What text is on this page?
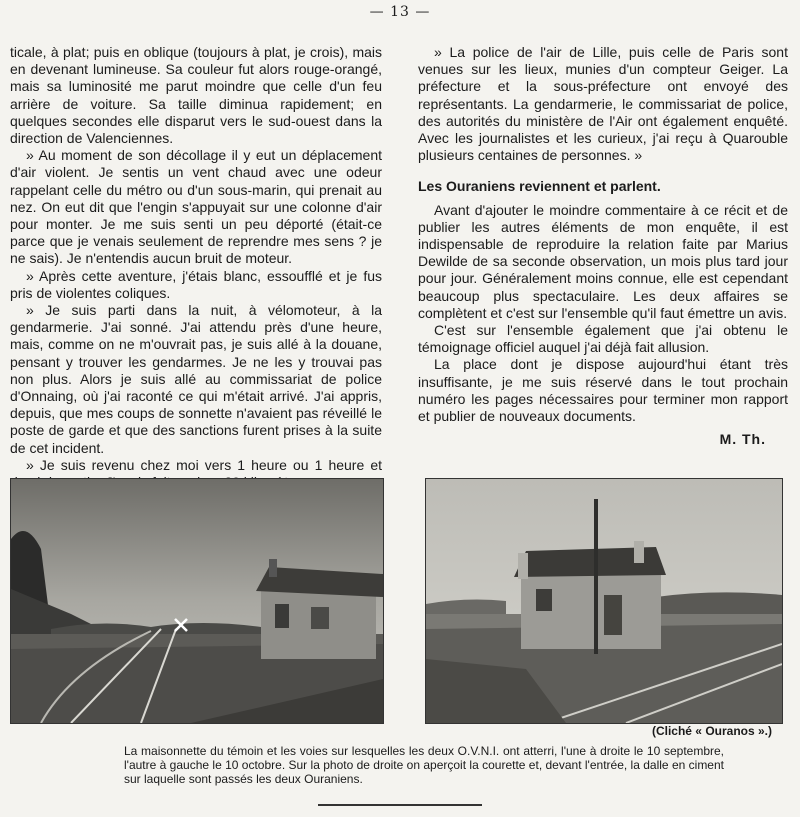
— 13 —

ticale, à plat; puis en oblique (toujours à plat, je crois), mais en devenant lumineuse. Sa couleur fut alors rouge-orangé, mais sa luminosité me parut moindre que celle d'un feu arrière de voiture. Sa taille diminua rapidement; en quelques secondes elle disparut vers le sud-ouest dans la direction de Valenciennes.

» Au moment de son décollage il y eut un déplacement d'air violent. Je sentis un vent chaud avec une odeur rappelant celle du métro ou d'un sous-marin, qui prenait au nez. On eut dit que l'engin s'appuyait sur une colonne d'air pour monter. Je me suis senti un peu déporté (était-ce parce que je venais seulement de reprendre mes sens ? je ne sais). Je n'entendis aucun bruit de moteur.

» Après cette aventure, j'étais blanc, essoufflé et je fus pris de violentes coliques.

» Je suis parti dans la nuit, à vélomoteur, à la gendarmerie. J'ai sonné. J'ai attendu près d'une heure, mais, comme on ne m'ouvrait pas, je suis allé à la douane, pensant y trouver les gendarmes. Je ne les y trouvai pas non plus. Alors je suis allé au commissariat de police d'Onnaing, où j'ai raconté ce qui m'était arrivé. J'ai appris, depuis, que mes coups de sonnette n'avaient pas réveillé le poste de garde et que des sanctions furent prises à la suite de cet incident.

» Je suis revenu chez moi vers 1 heure ou 1 heure et

» La police de l'air de Lille, puis celle de Paris sont venues sur les lieux, munies d'un compteur Geiger. La préfecture et la sous-préfecture ont envoyé des représentants. La gendarmerie, le commissariat de police, des autorités du ministère de l'Air ont également enquêté. Avec les journalistes et les curieux, j'ai reçu à Quarouble plusieurs centaines de personnes. »

Les Ouraniens reviennent et parlent.

Avant d'ajouter le moindre commentaire à ce récit et de publier les autres éléments de mon enquête, il est indispensable de reproduire la relation faite par Marius Dewilde de sa seconde observation, un mois plus tard jour pour jour. Généralement moins connue, elle est cependant beaucoup plus spectaculaire. Les deux affaires se complètent et c'est sur l'ensemble qu'il faut émettre un avis.

C'est sur l'ensemble également que j'ai obtenu le témoignage officiel auquel j'ai déjà fait allusion.

La place dont je dispose aujourd'hui étant très insuffisante, je me suis réservé dans le tout prochain numéro les pages nécessaires pour terminer mon rapport et publier de nouveaux documents.

M. Th.

(Cliché « Ouranos ».)
La maisonnette du témoin et les voies sur lesquelles les deux O.V.N.I. ont atterri, l'une à droite le 10 septembre, l'autre à gauche le 10 octobre. Sur la photo de droite on aperçoit la courette et, devant l'entrée, la dalle en ciment sur laquelle sont passés les deux Ouraniens.
